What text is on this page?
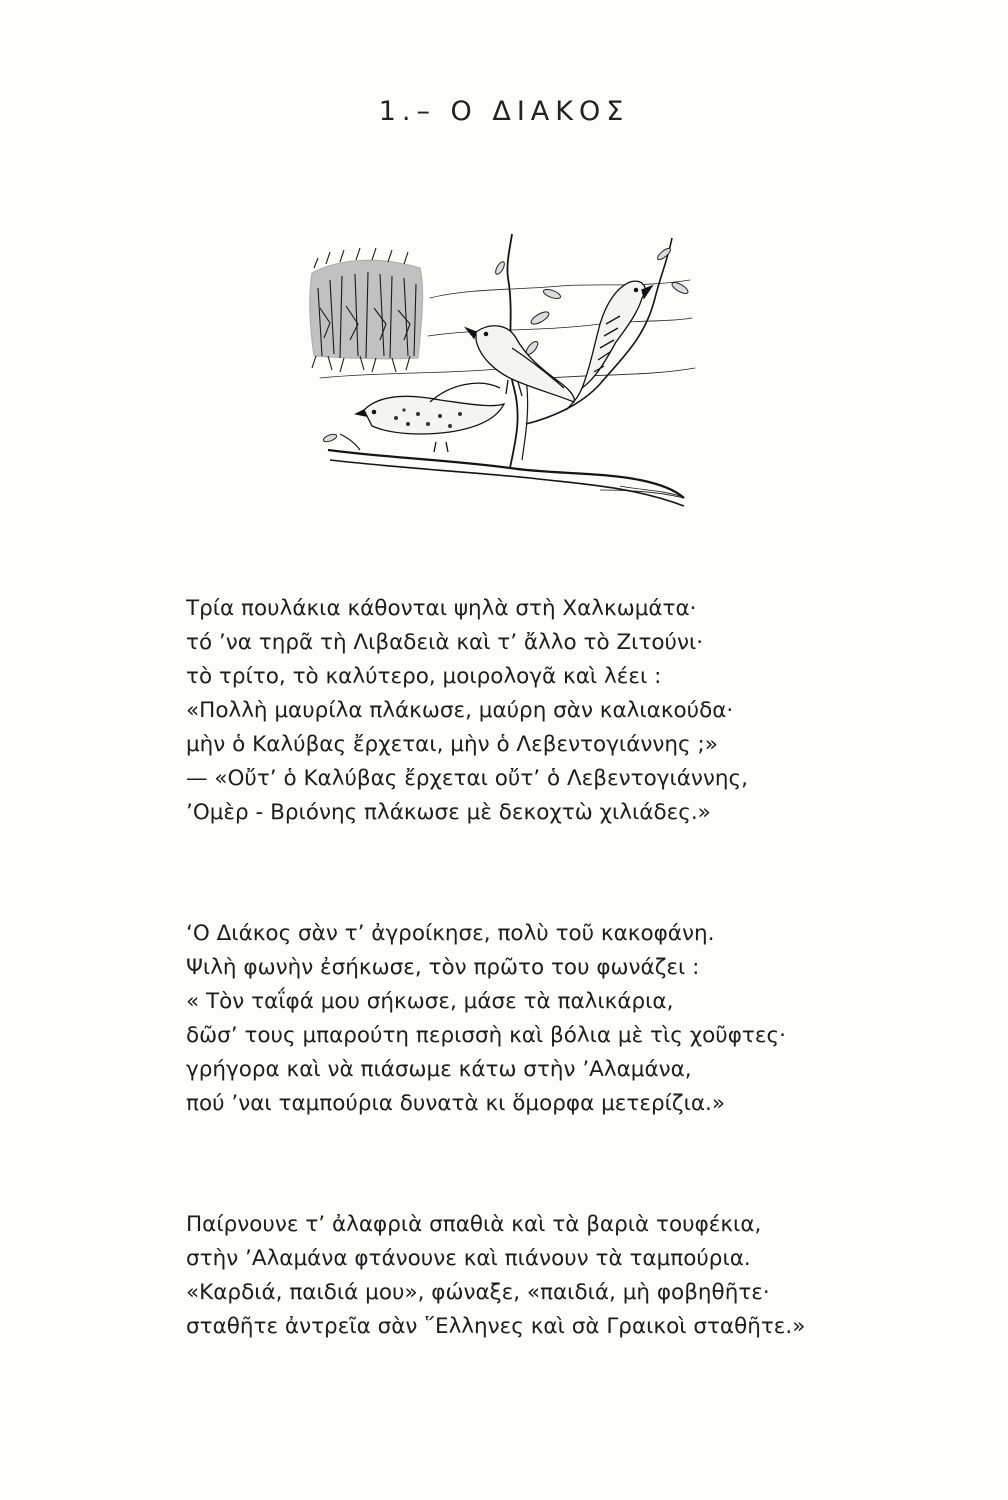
1.– Ο ΔΙΑΚΟΣ
Τρία πουλάκια κάθονται ψηλὰ στὴ Χαλκωμάτα·
τό ’να τηρᾶ τὴ Λιβαδειὰ καὶ τ’ ἄλλο τὸ Ζιτούνι·
τὸ τρίτο, τὸ καλύτερο, μοιρολογᾶ καὶ λέει :
«Πολλὴ μαυρίλα πλάκωσε, μαύρη σὰν καλιακούδα·
μὴν ὁ Καλύβας ἔρχεται, μὴν ὁ Λεβεντογιάννης ;»
— «Οὔτ’ ὁ Καλύβας ἔρχεται οὔτ’ ὁ Λεβεντογιάννης,
’Ομὲρ - Βριόνης πλάκωσε μὲ δεκοχτὼ χιλιάδες.»
‘Ο Διάκος σὰν τ’ ἀγροίκησε, πολὺ τοῦ κακοφάνη.
Ψιλὴ φωνὴν ἐσήκωσε, τὸν πρῶτο του φωνάζει :
« Τὸν ταΐφά μου σήκωσε, μάσε τὰ παλικάρια,
δῶσ’ τους μπαρούτη περισσὴ καὶ βόλια μὲ τὶς χοῦφτες·
γρήγορα καὶ νὰ πιάσωμε κάτω στὴν ’Αλαμάνα,
πού ’ναι ταμπούρια δυνατὰ κι ὅμορφα μετερίζια.»
Παίρνουνε τ’ ἀλαφριὰ σπαθιὰ καὶ τὰ βαριὰ τουφέκια,
στὴν ’Αλαμάνα φτάνουνε καὶ πιάνουν τὰ ταμπούρια.
«Καρδιά, παιδιά μου», φώναξε, «παιδιά, μὴ φοβηθῆτε·
σταθῆτε ἀντρεῖα σὰν ῞Ελληνες καὶ σὰ Γραικοὶ σταθῆτε.»
